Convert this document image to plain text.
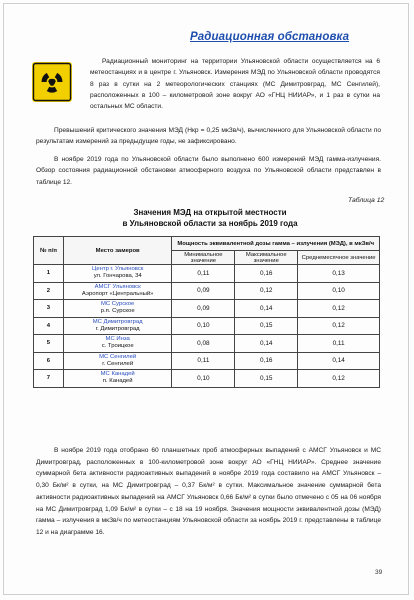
Радиационная обстановка

Радиационный мониторинг на территории Ульяновской области осуществляется на 6 метеостанциях и в центре г. Ульяновск. Измерения МЭД по Ульяновской области проводятся 8 раз в сутки на 2 метеорологических станциях (МС Димитровград, МС Сенгилей), расположенных в 100 – километровой зоне вокруг АО «ГНЦ НИИАР», и 1 раз в сутки на остальных МС области.

Превышений критического значения МЭД (Нкр = 0,25 мкЗв/ч), вычисленного для Ульяновской области по результатам измерений за предыдущие годы, не зафиксировано.

В ноябре 2019 года по Ульяновской области было выполнено 600 измерений МЭД гамма-излучения. Обзор состояния радиационной обстановки атмосферного воздуха по Ульяновской области представлен в таблице 12.

Таблица 12
Значения МЭД на открытой местности
в Ульяновской области за ноябрь 2019 года
№ п/п	Место замеров	Мощность эквивалентной дозы гамма – излучения (МЭД), в мкЗв/ч		
		Минимальное значение	Максимальное значение	Среднемесячное значение
1	Центр г. Ульяновск
ул. Гончарова, 34	0,11	0,16	0,13
2	АМСГ Ульяновск
Аэропорт «Центральный»	0,09	0,12	0,10
3	МС Сурское
р.п. Сурское	0,09	0,14	0,12
4	МС Димитровград
г. Димитровград	0,10	0,15	0,12
5	МС Инза
с. Троицкое	0,08	0,14	0,11
6	МС Сенгилей
г. Сенгилей	0,11	0,16	0,14
7	МС Канадей
п. Канадей	0,10	0,15	0,12

В ноябре 2019 года отобрано 60 планшетных проб атмосферных выпадений с АМСГ Ульяновск и МС Димитровград, расположенных в 100-километровой зоне вокруг АО «ГНЦ НИИАР». Среднее значение суммарной бета активности радиоактивных выпадений в ноябре 2019 года составило на АМСГ Ульяновск – 0,30 Бк/м² в сутки, на МС Димитровград – 0,37 Бк/м² в сутки. Максимальное значение суммарной бета активности радиоактивных выпадений на АМСГ Ульяновск 0,66 Бк/м² в сутки было отмечено с 05 на 06 ноября на МС Димитровград 1,09 Бк/м² в сутки – с 18 на 19 ноября. Значения мощности эквивалентной дозы (МЭД) гамма – излучения в мкЗв/ч по метеостанциям Ульяновской области за ноябрь 2019 г. представлены в таблице 12 и на диаграмме 16.

39
